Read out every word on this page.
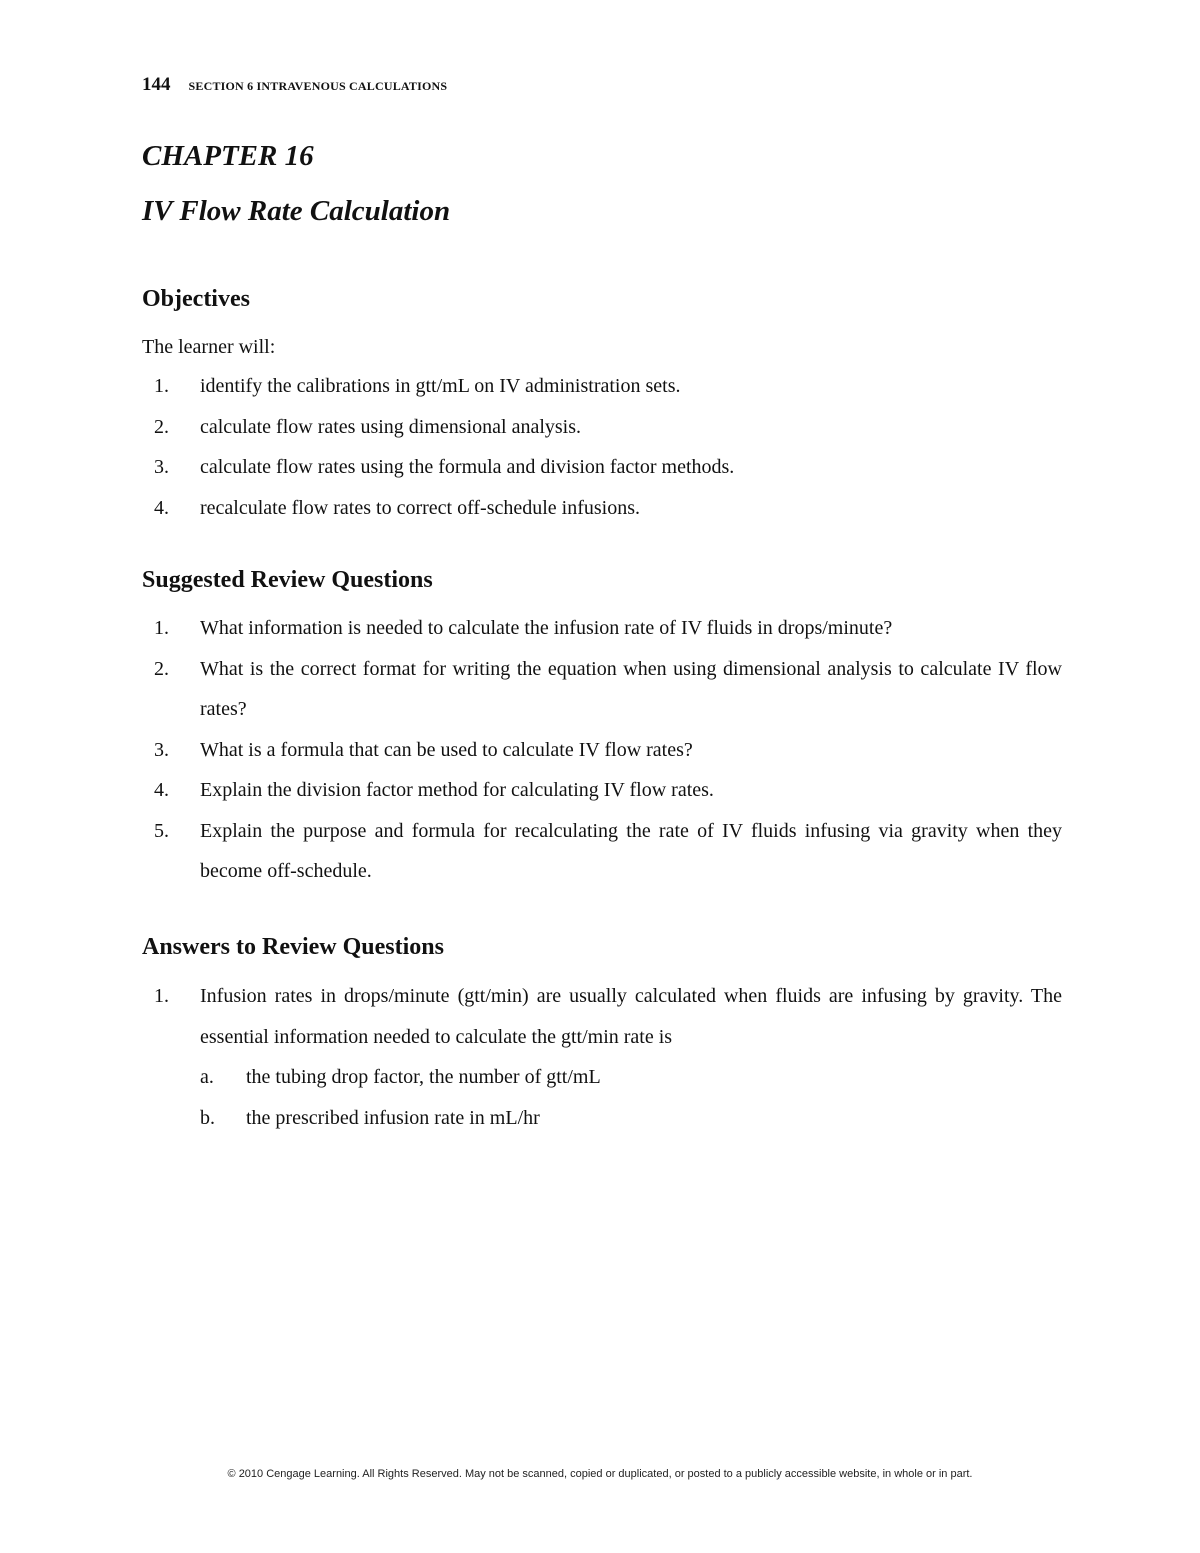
144 SECTION 6 INTRAVENOUS CALCULATIONS
CHAPTER 16
IV Flow Rate Calculation
Objectives

The learner will:

1. identify the calibrations in gtt/mL on IV administration sets.
2. calculate flow rates using dimensional analysis.
3. calculate flow rates using the formula and division factor methods.
4. recalculate flow rates to correct off-schedule infusions.
Suggested Review Questions
1. What information is needed to calculate the infusion rate of IV fluids in drops/minute?
2. What is the correct format for writing the equation when using dimensional analysis to calculate IV flow rates?
3. What is a formula that can be used to calculate IV flow rates?
4. Explain the division factor method for calculating IV flow rates.
5. Explain the purpose and formula for recalculating the rate of IV fluids infusing via gravity when they become off-schedule.
Answers to Review Questions
1. Infusion rates in drops/minute (gtt/min) are usually calculated when fluids are infusing by gravity. The essential information needed to calculate the gtt/min rate is
a. the tubing drop factor, the number of gtt/mL
b. the prescribed infusion rate in mL/hr
© 2010 Cengage Learning. All Rights Reserved. May not be scanned, copied or duplicated, or posted to a publicly accessible website, in whole or in part.
